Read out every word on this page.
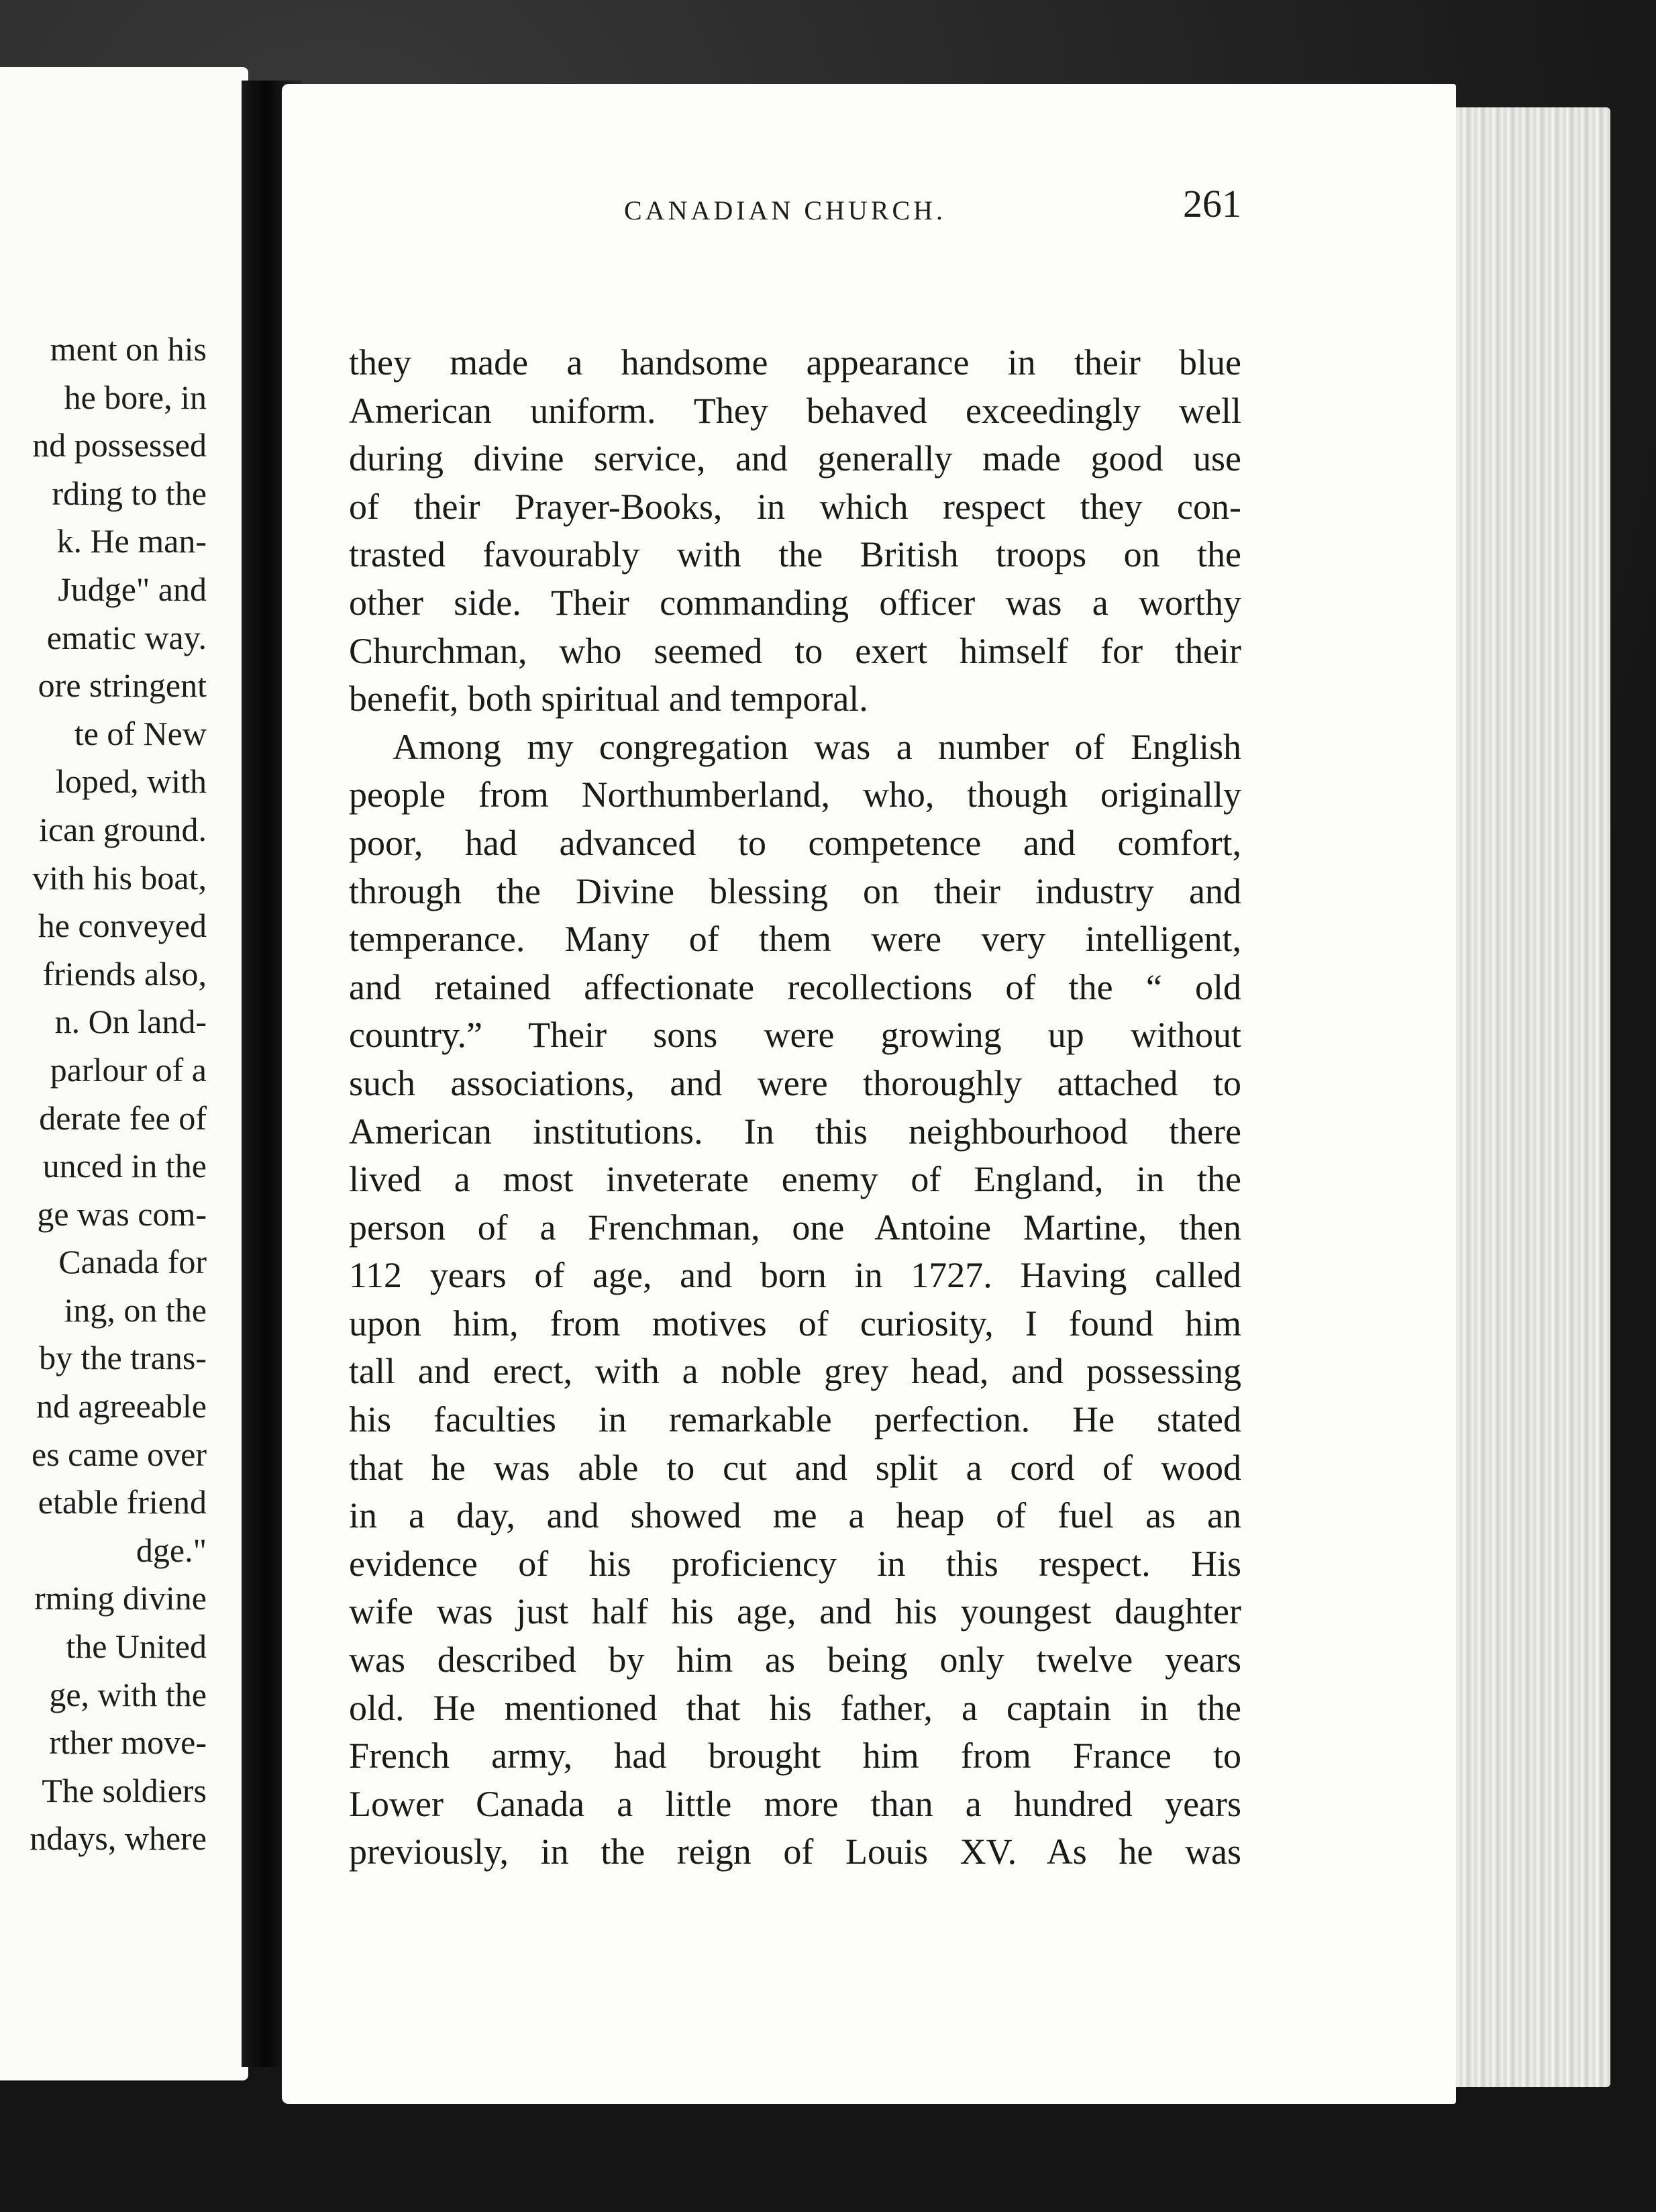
ment on his
he bore, in
nd possessed
rding to the
k. He man-
Judge" and
ematic way.
ore stringent
te of New
loped, with
ican ground.
vith his boat,
he conveyed
friends also,
n. On land-
parlour of a
derate fee of
unced in the
ge was com-
Canada for
ing, on the
by the trans-
nd agreeable
es came over
etable friend
dge."
rming divine
the United
ge, with the
rther move-
The soldiers
ndays, where
CANADIAN CHURCH.	261
they made a handsome appearance in their blue
American uniform. They behaved exceedingly well
during divine service, and generally made good use
of their Prayer-Books, in which respect they con-
trasted favourably with the British troops on the
other side. Their commanding officer was a worthy
Churchman, who seemed to exert himself for their
benefit, both spiritual and temporal.
Among my congregation was a number of English
people from Northumberland, who, though originally
poor, had advanced to competence and comfort,
through the Divine blessing on their industry and
temperance. Many of them were very intelligent,
and retained affectionate recollections of the “ old
country.” Their sons were growing up without
such associations, and were thoroughly attached to
American institutions. In this neighbourhood there
lived a most inveterate enemy of England, in the
person of a Frenchman, one Antoine Martine, then
112 years of age, and born in 1727. Having called
upon him, from motives of curiosity, I found him
tall and erect, with a noble grey head, and possessing
his faculties in remarkable perfection. He stated
that he was able to cut and split a cord of wood
in a day, and showed me a heap of fuel as an
evidence of his proficiency in this respect. His
wife was just half his age, and his youngest daughter
was described by him as being only twelve years
old. He mentioned that his father, a captain in the
French army, had brought him from France to
Lower Canada a little more than a hundred years
previously, in the reign of Louis XV. As he was
